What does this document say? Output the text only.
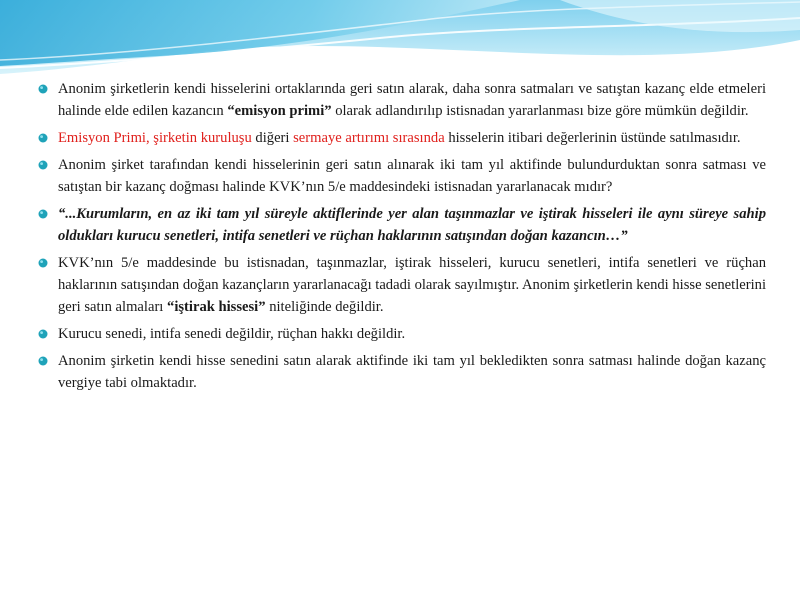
Anonim şirketlerin kendi hisselerini ortaklarında geri satın alarak, daha sonra satmaları ve satıştan kazanç elde etmeleri halinde elde edilen kazancın “emisyon primi” olarak adlandırılıp istisnadan yararlanması bize göre mümkün değildir.
Emisyon Primi, şirketin kuruluşu diğeri sermaye artırımı sırasında hisselerin itibari değerlerinin üstünde satılmasıdır.
Anonim şirket tarafından kendi hisselerinin geri satın alınarak iki tam yıl aktifinde bulundurduktan sonra satması ve satıştan bir kazanç doğması halinde KVK’nın 5/e maddesindeki istisnadan yararlanacak mıdır?
“...Kurumların, en az iki tam yıl süreyle aktiflerinde yer alan taşınmazlar ve iştirak hisseleri ile aynı süreye sahip oldukları kurucu senetleri, intifa senetleri ve rüçhan haklarının satışından doğan kazancın…”
KVK’nın 5/e maddesinde bu istisnadan, taşınmazlar, iştirak hisseleri, kurucu senetleri, intifa senetleri ve rüçhan haklarının satışından doğan kazançların yararlanacağı tadadi olarak sayılmıştır. Anonim şirketlerin kendi hisse senetlerini geri satın almaları “iştirak hissesi” niteliğinde değildir.
Kurucu senedi, intifa senedi değildir, rüçhan hakkı değildir.
Anonim şirketin kendi hisse senedini satın alarak aktifinde iki tam yıl bekledikten sonra satması halinde doğan kazanç vergiye tabi olmaktadır.
